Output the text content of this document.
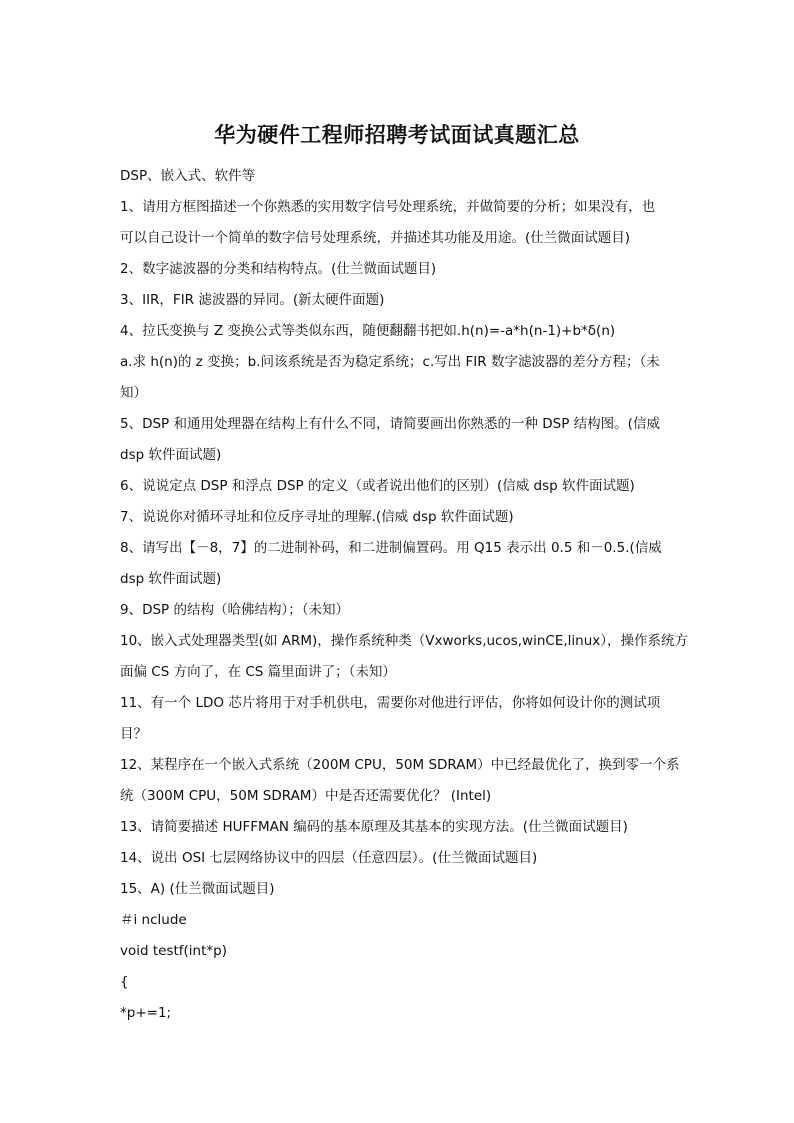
华为硬件工程师招聘考试面试真题汇总
DSP、嵌入式、软件等
1、请用方框图描述一个你熟悉的实用数字信号处理系统，并做简要的分析；如果没有，也
可以自己设计一个简单的数字信号处理系统，并描述其功能及用途。(仕兰微面试题目)
2、数字滤波器的分类和结构特点。(仕兰微面试题目)
3、IIR，FIR 滤波器的异同。(新太硬件面题)
4、拉氏变换与 Z 变换公式等类似东西，随便翻翻书把如.h(n)=-a*h(n-1)+b*δ(n)
a.求 h(n)的 z 变换；b.问该系统是否为稳定系统；c.写出 FIR 数字滤波器的差分方程；（未
知）
5、DSP 和通用处理器在结构上有什么不同，请简要画出你熟悉的一种 DSP 结构图。(信威
dsp 软件面试题)
6、说说定点 DSP 和浮点 DSP 的定义（或者说出他们的区别）(信威 dsp 软件面试题)
7、说说你对循环寻址和位反序寻址的理解.(信威 dsp 软件面试题)
8、请写出【－8，7】的二进制补码，和二进制偏置码。用 Q15 表示出 0.5 和－0.5.(信威
dsp 软件面试题)
9、DSP 的结构（哈佛结构）；（未知）
10、嵌入式处理器类型(如 ARM)，操作系统种类（Vxworks,ucos,winCE,linux），操作系统方
面偏 CS 方向了，在 CS 篇里面讲了；（未知）
11、有一个 LDO 芯片将用于对手机供电，需要你对他进行评估，你将如何设计你的测试项
目？
12、某程序在一个嵌入式系统（200M CPU，50M SDRAM）中已经最优化了，换到零一个系
统（300M CPU，50M SDRAM）中是否还需要优化？ (Intel)
13、请简要描述 HUFFMAN 编码的基本原理及其基本的实现方法。(仕兰微面试题目)
14、说出 OSI 七层网络协议中的四层（任意四层）。(仕兰微面试题目)
15、A) (仕兰微面试题目)
＃i nclude
void testf(int*p)
{
*p+=1;
